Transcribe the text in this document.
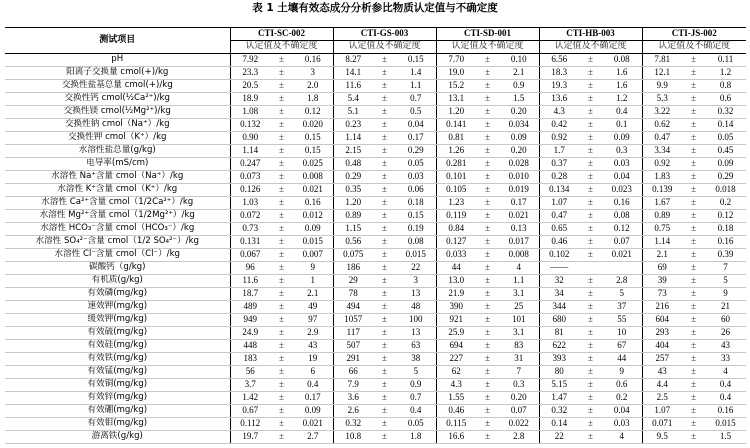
表 1 土壤有效态成分分析参比物质认定值与不确定度
测试项目	CTI-SC-002			CTI-GS-003			CTI-SD-001			CTI-HB-003			CTI-JS-002		
	认定值及不确定度			认定值及不确定度			认定值及不确定度			认定值及不确定度			认定值及不确定度		
pH	7.92	±	0.16	8.27	±	0.15	7.70	±	0.10	6.56	±	0.08	7.81	±	0.11
阳离子交换量 cmol(+)/kg	23.3	±	3	14.1	±	1.4	19.0	±	2.1	18.3	±	1.6	12.1	±	1.2
交换性盐基总量 cmol(+)/kg	20.5	±	2.0	11.6	±	1.1	15.2	±	0.9	19.3	±	1.6	9.9	±	0.8
交换性钙 cmol(½Ca²⁺)/kg	18.9	±	1.8	5.4	±	0.7	13.1	±	1.5	13.6	±	1.2	5.3	±	0.6
交换性镁 cmol(½Mg²⁺)/kg	1.08	±	0.12	5.1	±	0.5	1.20	±	0.20	4.3	±	0.4	3.22	±	0.32
交换性钠 cmol（Na⁺）/kg	0.132	±	0.020	0.23	±	0.04	0.141	±	0.034	0.42	±	0.1	0.62	±	0.14
交换性钾 cmol（K⁺）/kg	0.90	±	0.15	1.14	±	0.17	0.81	±	0.09	0.92	±	0.09	0.47	±	0.05
水溶性盐总量(g/kg)	1.14	±	0.15	2.15	±	0.29	1.26	±	0.20	1.7	±	0.3	3.34	±	0.45
电导率(mS/cm)	0.247	±	0.025	0.48	±	0.05	0.281	±	0.028	0.37	±	0.03	0.92	±	0.09
水溶性 Na⁺含量 cmol（Na⁺）/kg	0.073	±	0.008	0.29	±	0.03	0.101	±	0.010	0.28	±	0.04	1.83	±	0.29
水溶性 K⁺含量 cmol（K⁺）/kg	0.126	±	0.021	0.35	±	0.06	0.105	±	0.019	0.134	±	0.023	0.139	±	0.018
水溶性 Ca²⁺含量 cmol（1/2Ca²⁺）/kg	1.03	±	0.16	1.20	±	0.18	1.23	±	0.17	1.07	±	0.16	1.67	±	0.2
水溶性 Mg²⁺含量 cmol（1/2Mg²⁺）/kg	0.072	±	0.012	0.89	±	0.15	0.119	±	0.021	0.47	±	0.08	0.89	±	0.12
水溶性 HCO₃⁻含量 cmol（HCO₃⁻）/kg	0.73	±	0.09	1.15	±	0.19	0.84	±	0.13	0.65	±	0.12	0.75	±	0.18
水溶性 SO₄²⁻含量 cmol（1/2 SO₄²⁻）/kg	0.131	±	0.015	0.56	±	0.08	0.127	±	0.017	0.46	±	0.07	1.14	±	0.16
水溶性 Cl⁻含量 cmol（Cl⁻）/kg	0.067	±	0.007	0.075	±	0.015	0.033	±	0.008	0.102	±	0.021	2.1	±	0.39
碳酸钙（g/kg)	96	±	9	186	±	22	44	±	4	——			69	±	7
有机质(g/kg)	11.6	±	1	29	±	3	13.0	±	1.1	32	±	2.8	39	±	5
有效磷(mg/kg)	18.7	±	2.1	78	±	13	21.9	±	3.1	34	±	5	73	±	9
速效钾(mg/kg)	489	±	49	494	±	48	390	±	25	344	±	37	216	±	21
缓效钾(mg/kg)	949	±	97	1057	±	100	921	±	101	680	±	55	604	±	60
有效硫(mg/kg)	24.9	±	2.9	117	±	13	25.9	±	3.1	81	±	10	293	±	26
有效硅(mg/kg)	448	±	43	507	±	63	694	±	83	622	±	67	404	±	43
有效铁(mg/kg)	183	±	19	291	±	38	227	±	31	393	±	44	257	±	33
有效锰(mg/kg)	56	±	6	66	±	5	62	±	7	80	±	9	43	±	4
有效铜(mg/kg)	3.7	±	0.4	7.9	±	0.9	4.3	±	0.3	5.15	±	0.6	4.4	±	0.4
有效锌(mg/kg)	1.42	±	0.17	3.6	±	0.7	1.55	±	0.20	1.47	±	0.2	2.5	±	0.4
有效硼(mg/kg)	0.67	±	0.09	2.6	±	0.4	0.46	±	0.07	0.32	±	0.04	1.07	±	0.16
有效钼(mg/kg)	0.112	±	0.021	0.32	±	0.05	0.115	±	0.022	0.14	±	0.03	0.071	±	0.015
游离铁(g/kg)	19.7	±	2.7	10.8	±	1.8	16.6	±	2.8	22	±	4	9.5	±	1.5
